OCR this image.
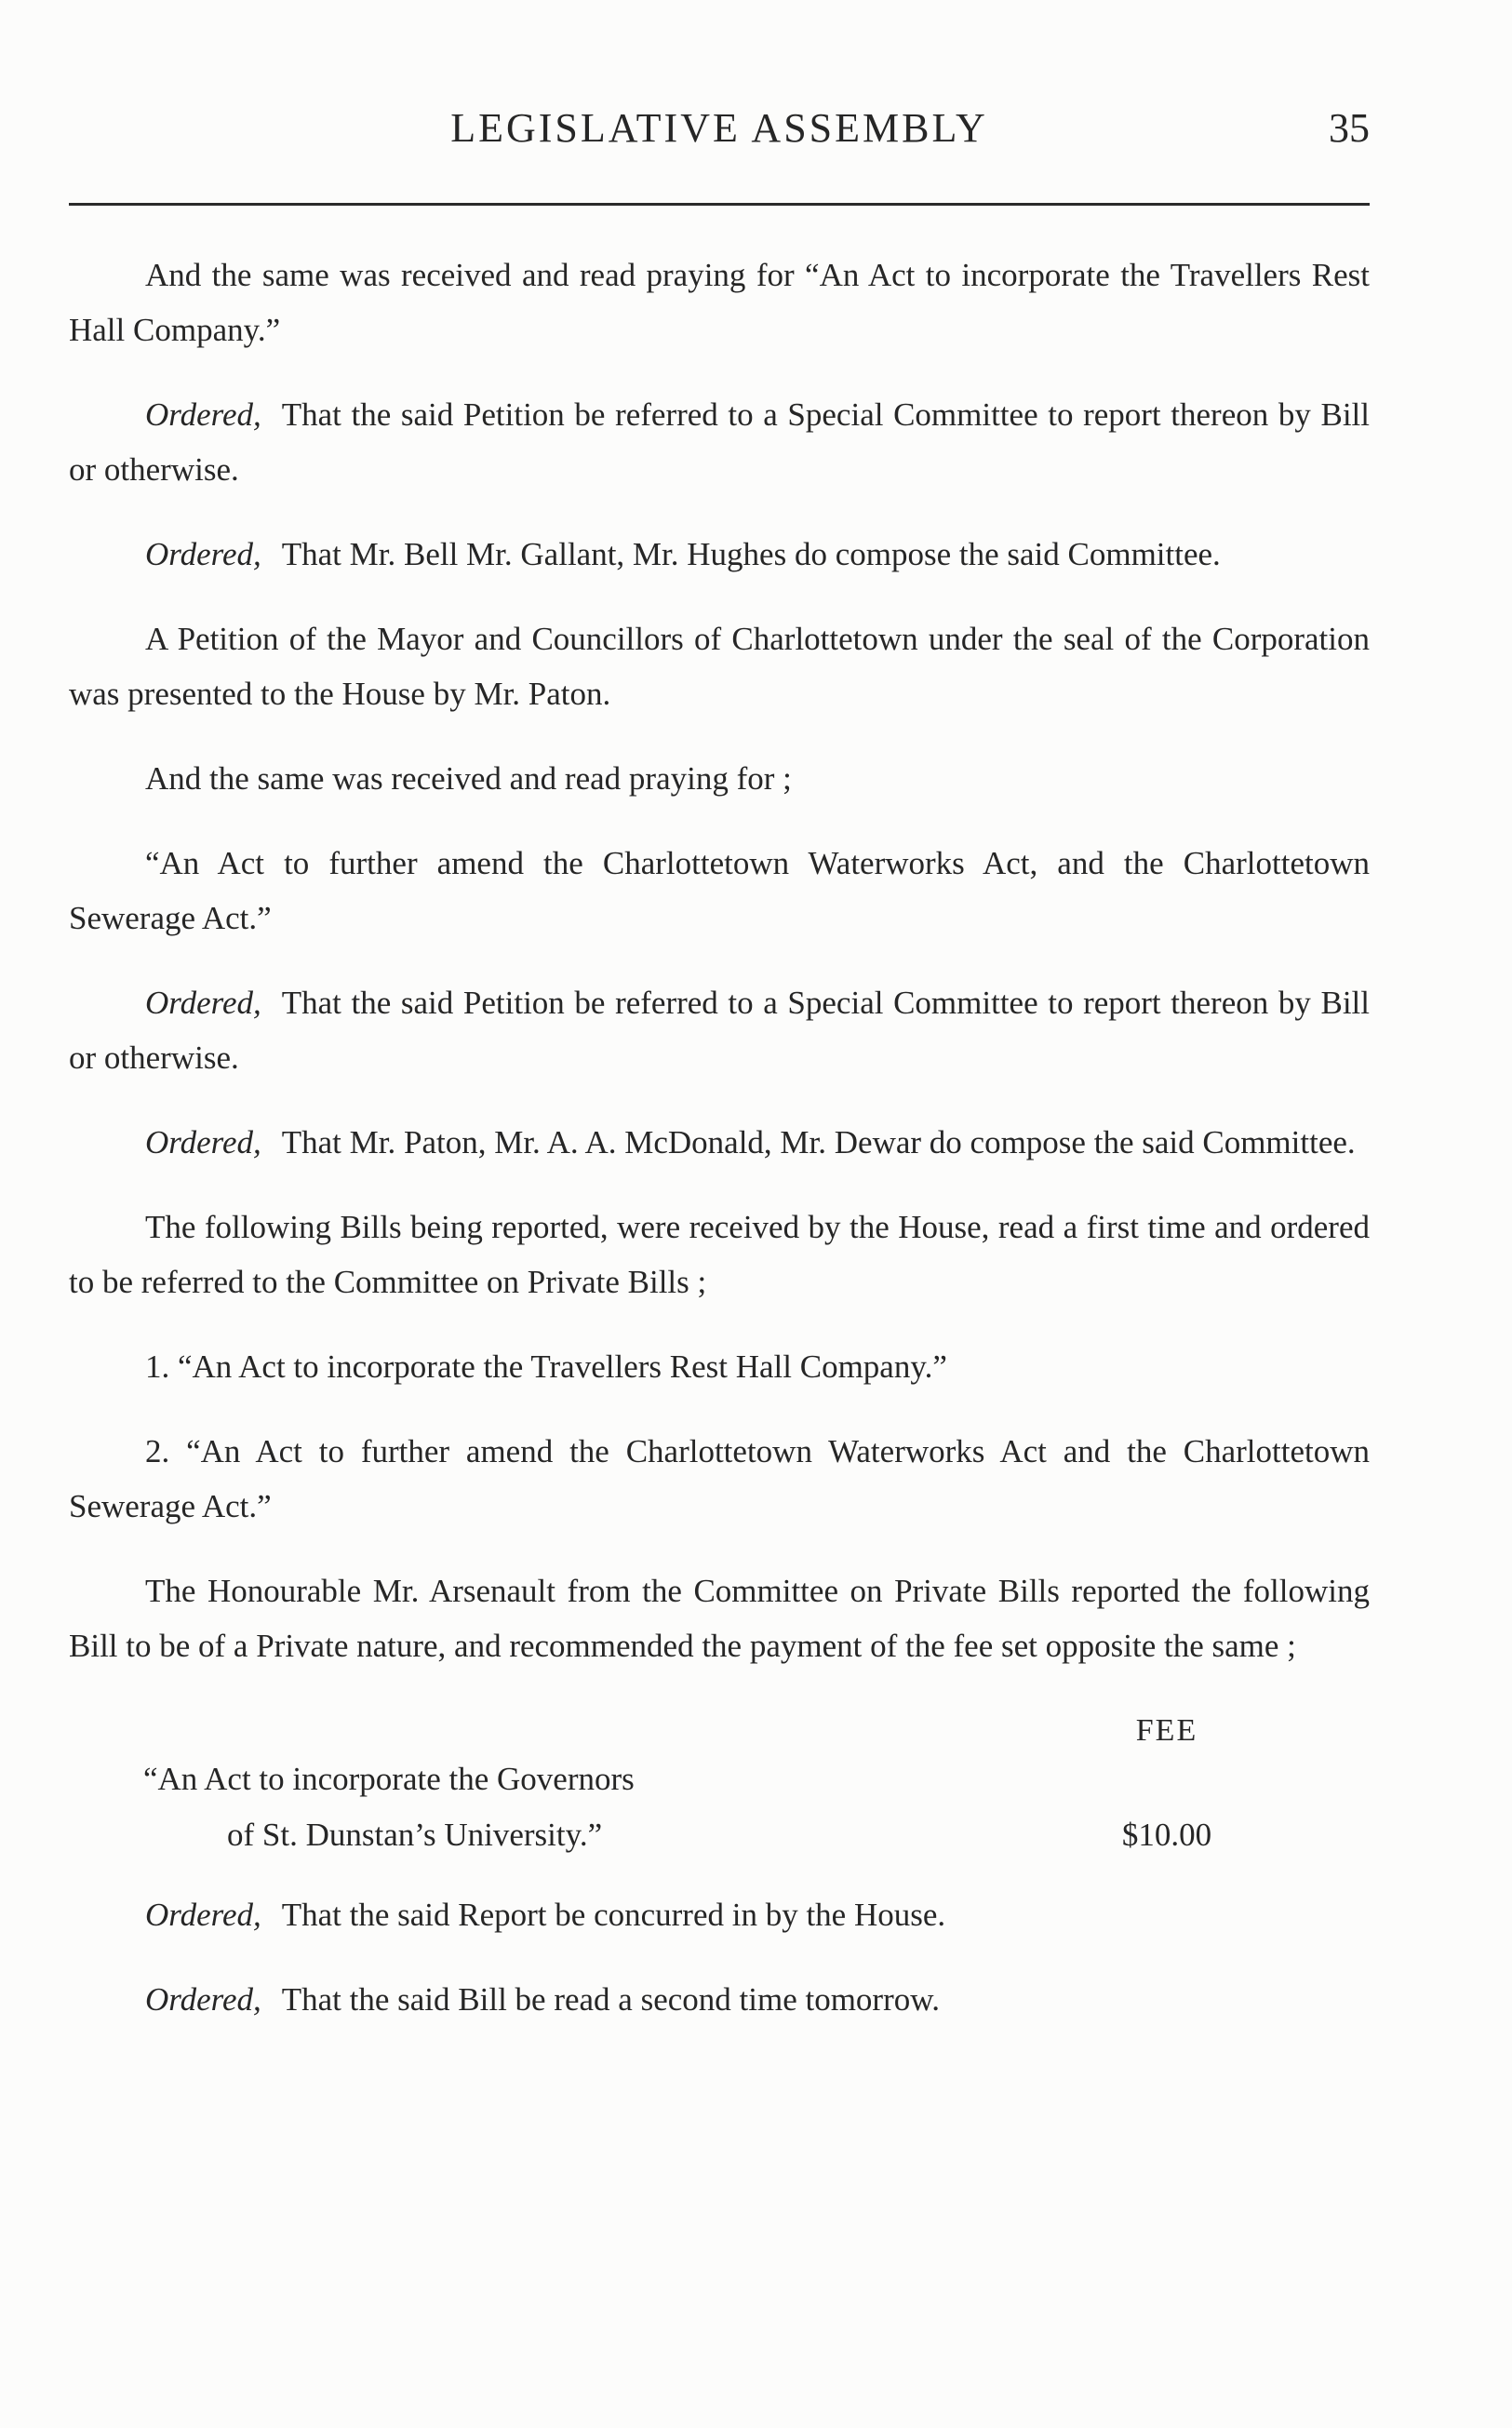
LEGISLATIVE ASSEMBLY	35

And the same was received and read praying for “An Act to incorporate the Travellers Rest Hall Company.”

Ordered, That the said Petition be referred to a Special Committee to report thereon by Bill or otherwise.

Ordered, That Mr. Bell Mr. Gallant, Mr. Hughes do compose the said Committee.

A Petition of the Mayor and Councillors of Charlottetown under the seal of the Corporation was presented to the House by Mr. Paton.

And the same was received and read praying for ;

“An Act to further amend the Charlottetown Waterworks Act, and the Charlottetown Sewerage Act.”

Ordered, That the said Petition be referred to a Special Committee to report thereon by Bill or otherwise.

Ordered, That Mr. Paton, Mr. A. A. McDonald, Mr. Dewar do compose the said Committee.

The following Bills being reported, were received by the House, read a first time and ordered to be referred to the Committee on Private Bills ;

1. “An Act to incorporate the Travellers Rest Hall Company.”

2. “An Act to further amend the Charlottetown Waterworks Act and the Charlottetown Sewerage Act.”

The Honourable Mr. Arsenault from the Committee on Private Bills reported the following Bill to be of a Private nature, and recommended the payment of the fee set opposite the same ;

FEE
“An Act to incorporate the Governors
of St. Dunstan’s University.”	$10.00

Ordered, That the said Report be concurred in by the House.

Ordered, That the said Bill be read a second time tomorrow.
